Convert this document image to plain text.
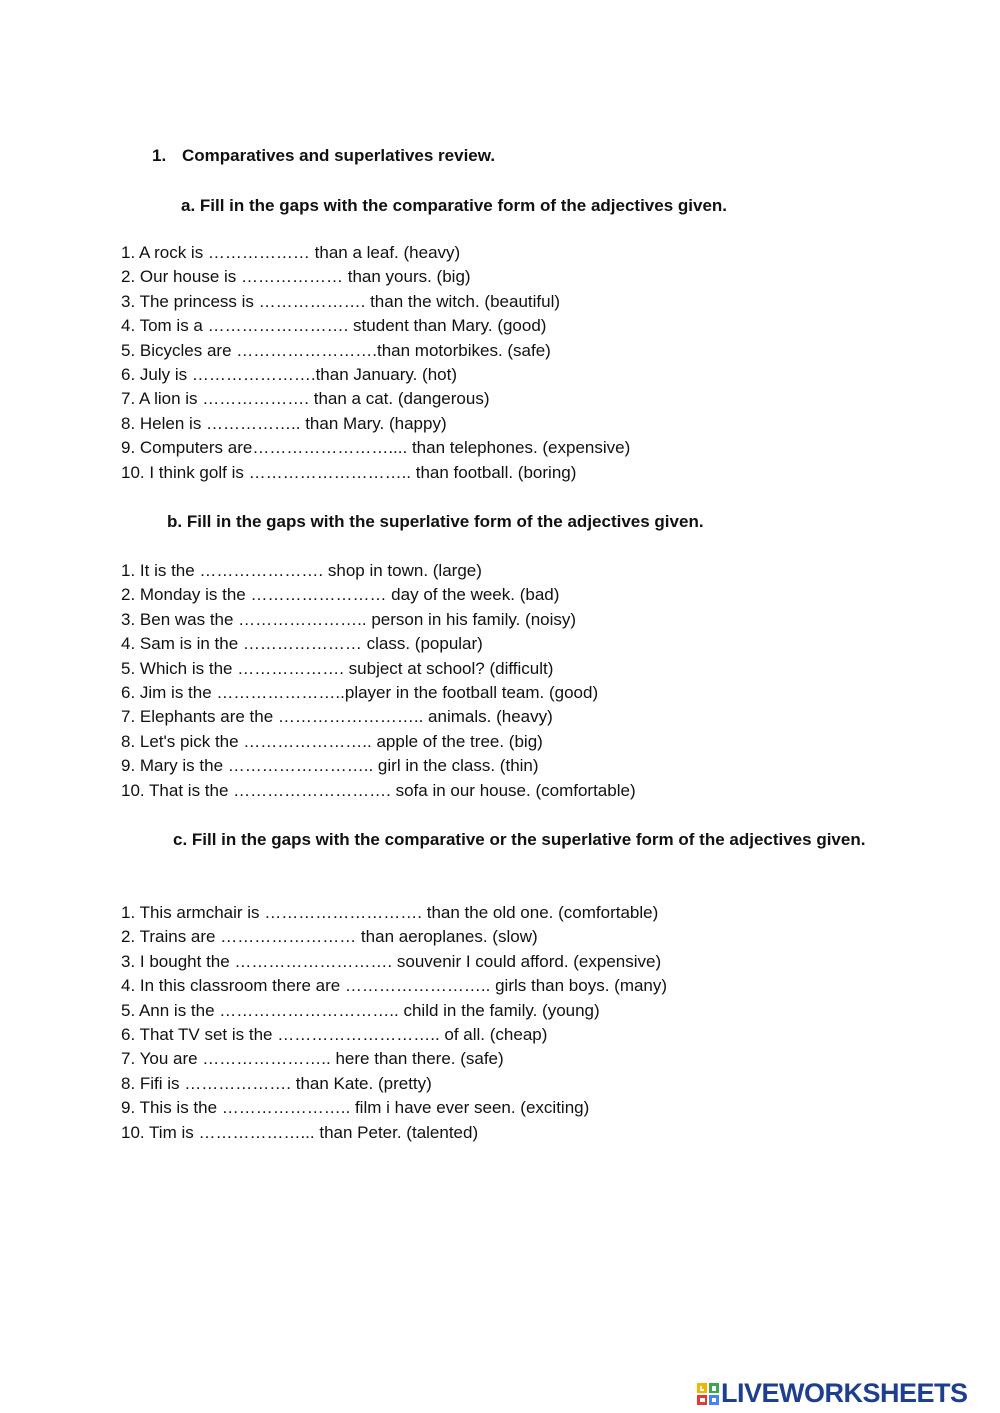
1. Comparatives and superlatives review.
a. Fill in the gaps with the comparative form of the adjectives given.
1. A rock is ……………… than a leaf. (heavy)
2. Our house is ……………… than yours. (big)
3. The princess is ………………. than the witch. (beautiful)
4. Tom is a ……………………. student than Mary. (good)
5. Bicycles are …………………….than motorbikes. (safe)
6. July is ………………….than January. (hot)
7. A lion is ………………. than a cat. (dangerous)
8. Helen is …………….. than Mary. (happy)
9. Computers are…………………….... than telephones. (expensive)
10. I think golf is ……………………….. than football. (boring)
b. Fill in the gaps with the superlative form of the adjectives given.
1. It is the …………………. shop in town. (large)
2. Monday is the …………………… day of the week. (bad)
3. Ben was the ………………….. person in his family. (noisy)
4. Sam is in the ………………… class. (popular)
5. Which is the ………………. subject at school? (difficult)
6. Jim is the …………………..player in the football team. (good)
7. Elephants are the …………………….. animals. (heavy)
8. Let's pick the ………………….. apple of the tree. (big)
9. Mary is the …………………….. girl in the class. (thin)
10. That is the ………………………. sofa in our house. (comfortable)
c. Fill in the gaps with the comparative or the superlative form of the adjectives given.
1. This armchair is ………………………. than the old one. (comfortable)
2. Trains are …………………… than aeroplanes. (slow)
3. I bought the ………………………. souvenir I could afford. (expensive)
4. In this classroom there are …………………….. girls than boys. (many)
5. Ann is the ………………………….. child in the family. (young)
6. That TV set is the ……………………….. of all. (cheap)
7. You are ………………….. here than there. (safe)
8. Fifi is ………………. than Kate. (pretty)
9. This is the ………………….. film i have ever seen. (exciting)
10. Tim is ………………... than Peter. (talented)
LIVEWORKSHEETS
